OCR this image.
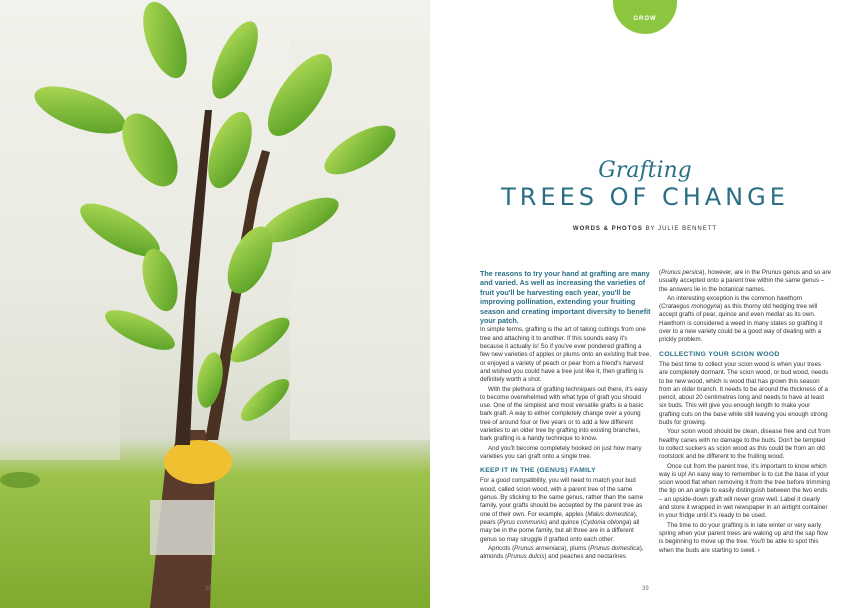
38
GROW
Grafting
TREES OF CHANGE
WORDS & PHOTOS BY JULIE BENNETT

The reasons to try your hand at grafting are many and varied. As well as increasing the varieties of fruit you'll be harvesting each year, you'll be improving pollination, extending your fruiting season and creating important diversity to benefit your patch.

In simple terms, grafting is the art of taking cuttings from one tree and attaching it to another. If this sounds easy it's because it actually is! So if you've ever pondered grafting a few new varieties of apples or plums onto an existing fruit tree, or enjoyed a variety of peach or pear from a friend's harvest and wished you could have a tree just like it, then grafting is definitely worth a shot.

With the plethora of grafting techniques out there, it's easy to become overwhelmed with what type of graft you should use. One of the simplest and most versatile grafts is a basic bark graft. A way to either completely change over a young tree of around four or five years or to add a few different varieties to an older tree by grafting into existing branches, bark grafting is a handy technique to know.

And you'll become completely hooked on just how many varieties you can graft onto a single tree.

KEEP IT IN THE (GENUS) FAMILY

For a good compatibility, you will need to match your bud wood, called scion wood, with a parent tree of the same genus. By sticking to the same genus, rather than the same family, your grafts should be accepted by the parent tree as one of their own. For example, apples (Malus domestica), pears (Pyrus communis) and quince (Cydonia oblonga) all may be in the pome family, but all three are in a different genus so may struggle if grafted onto each other.

Apricots (Prunus armeniaca), plums (Prunus domestica), almonds (Prunus dulcis) and peaches and nectarines

(Prunus persica), however, are in the Prunus genus and so are usually accepted onto a parent tree within the same genus – the answers lie in the botanical names.

An interesting exception is the common hawthorn (Crataegus monogyna) as this thorny old hedging tree will accept grafts of pear, quince and even medlar as its own. Hawthorn is considered a weed in many states so grafting it over to a new variety could be a good way of dealing with a prickly problem.

COLLECTING YOUR SCION WOOD

The best time to collect your scion wood is when your trees are completely dormant. The scion wood, or bud wood, needs to be new wood, which is wood that has grown this season from an older branch. It needs to be around the thickness of a pencil, about 20 centimetres long and needs to have at least six buds. This will give you enough length to make your grafting cuts on the base while still leaving you enough strong buds for growing.

Your scion wood should be clean, disease free and cut from healthy canes with no damage to the buds. Don't be tempted to collect suckers as scion wood as this could be from an old rootstock and be different to the fruiting wood.

Once cut from the parent tree, it's important to know which way is up! An easy way to remember is to cut the base of your scion wood flat when removing it from the tree before trimming the tip on an angle to easily distinguish between the two ends – an upside-down graft will never grow well. Label it clearly and store it wrapped in wet newspaper in an airtight container in your fridge until it's ready to be used.

The time to do your grafting is in late winter or very early spring when your parent trees are waking up and the sap flow is beginning to move up the tree. You'll be able to spot this when the buds are starting to swell. ›

39
